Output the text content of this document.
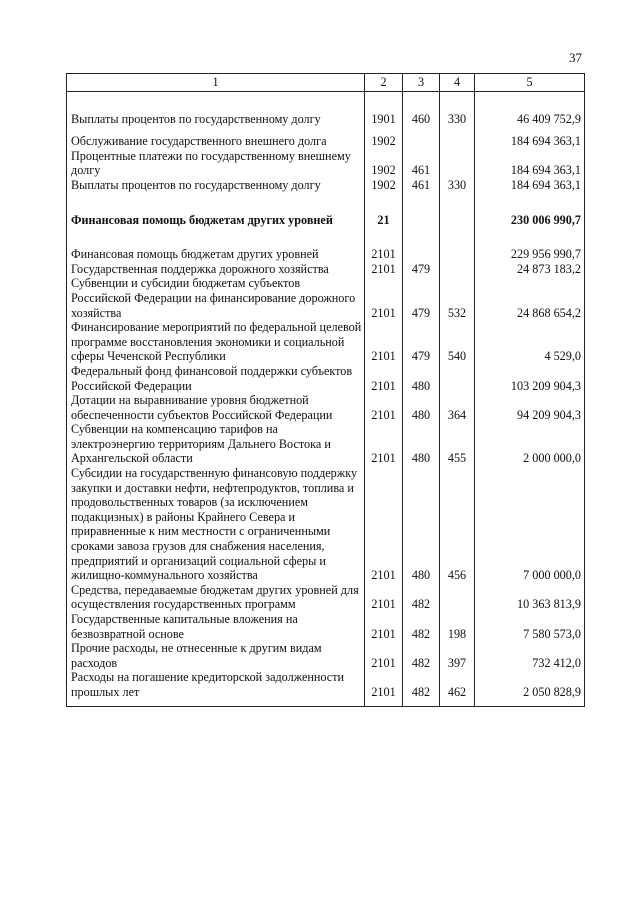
37
1	2	3	4	5
Выплаты процентов по государственному долгу	1901	460	330	46 409 752,9
Обслуживание государственного внешнего долга	1902			184 694 363,1
Процентные платежи по государственному внешнему долгу	1902	461		184 694 363,1
Выплаты процентов по государственному долгу	1902	461	330	184 694 363,1
Финансовая помощь бюджетам других уровней	21			230 006 990,7
Финансовая помощь бюджетам других уровней	2101			229 956 990,7
Государственная поддержка дорожного хозяйства	2101	479		24 873 183,2
Субвенции и субсидии бюджетам субъектов Российской Федерации на финансирование дорожного хозяйства	2101	479	532	24 868 654,2
Финансирование мероприятий по федеральной целевой программе восстановления экономики и социальной сферы Чеченской Республики	2101	479	540	4 529,0
Федеральный фонд финансовой поддержки субъектов Российской Федерации	2101	480		103 209 904,3
Дотации на выравнивание уровня бюджетной обеспеченности субъектов Российской Федерации	2101	480	364	94 209 904,3
Субвенции на компенсацию тарифов на электроэнергию территориям Дальнего Востока и Архангельской области	2101	480	455	2 000 000,0
Субсидии на государственную финансовую поддержку закупки и доставки нефти, нефтепродуктов, топлива и продовольственных товаров (за исключением подакцизных) в районы Крайнего Севера и приравненные к ним местности с ограниченными сроками завоза грузов для снабжения населения, предприятий и организаций социальной сферы и жилищно-коммунального хозяйства	2101	480	456	7 000 000,0
Средства, передаваемые бюджетам других уровней для осуществления государственных программ	2101	482		10 363 813,9
Государственные капитальные вложения на безвозвратной основе	2101	482	198	7 580 573,0
Прочие расходы, не отнесенные к другим видам расходов	2101	482	397	732 412,0
Расходы на погашение кредиторской задолженности прошлых лет	2101	482	462	2 050 828,9
